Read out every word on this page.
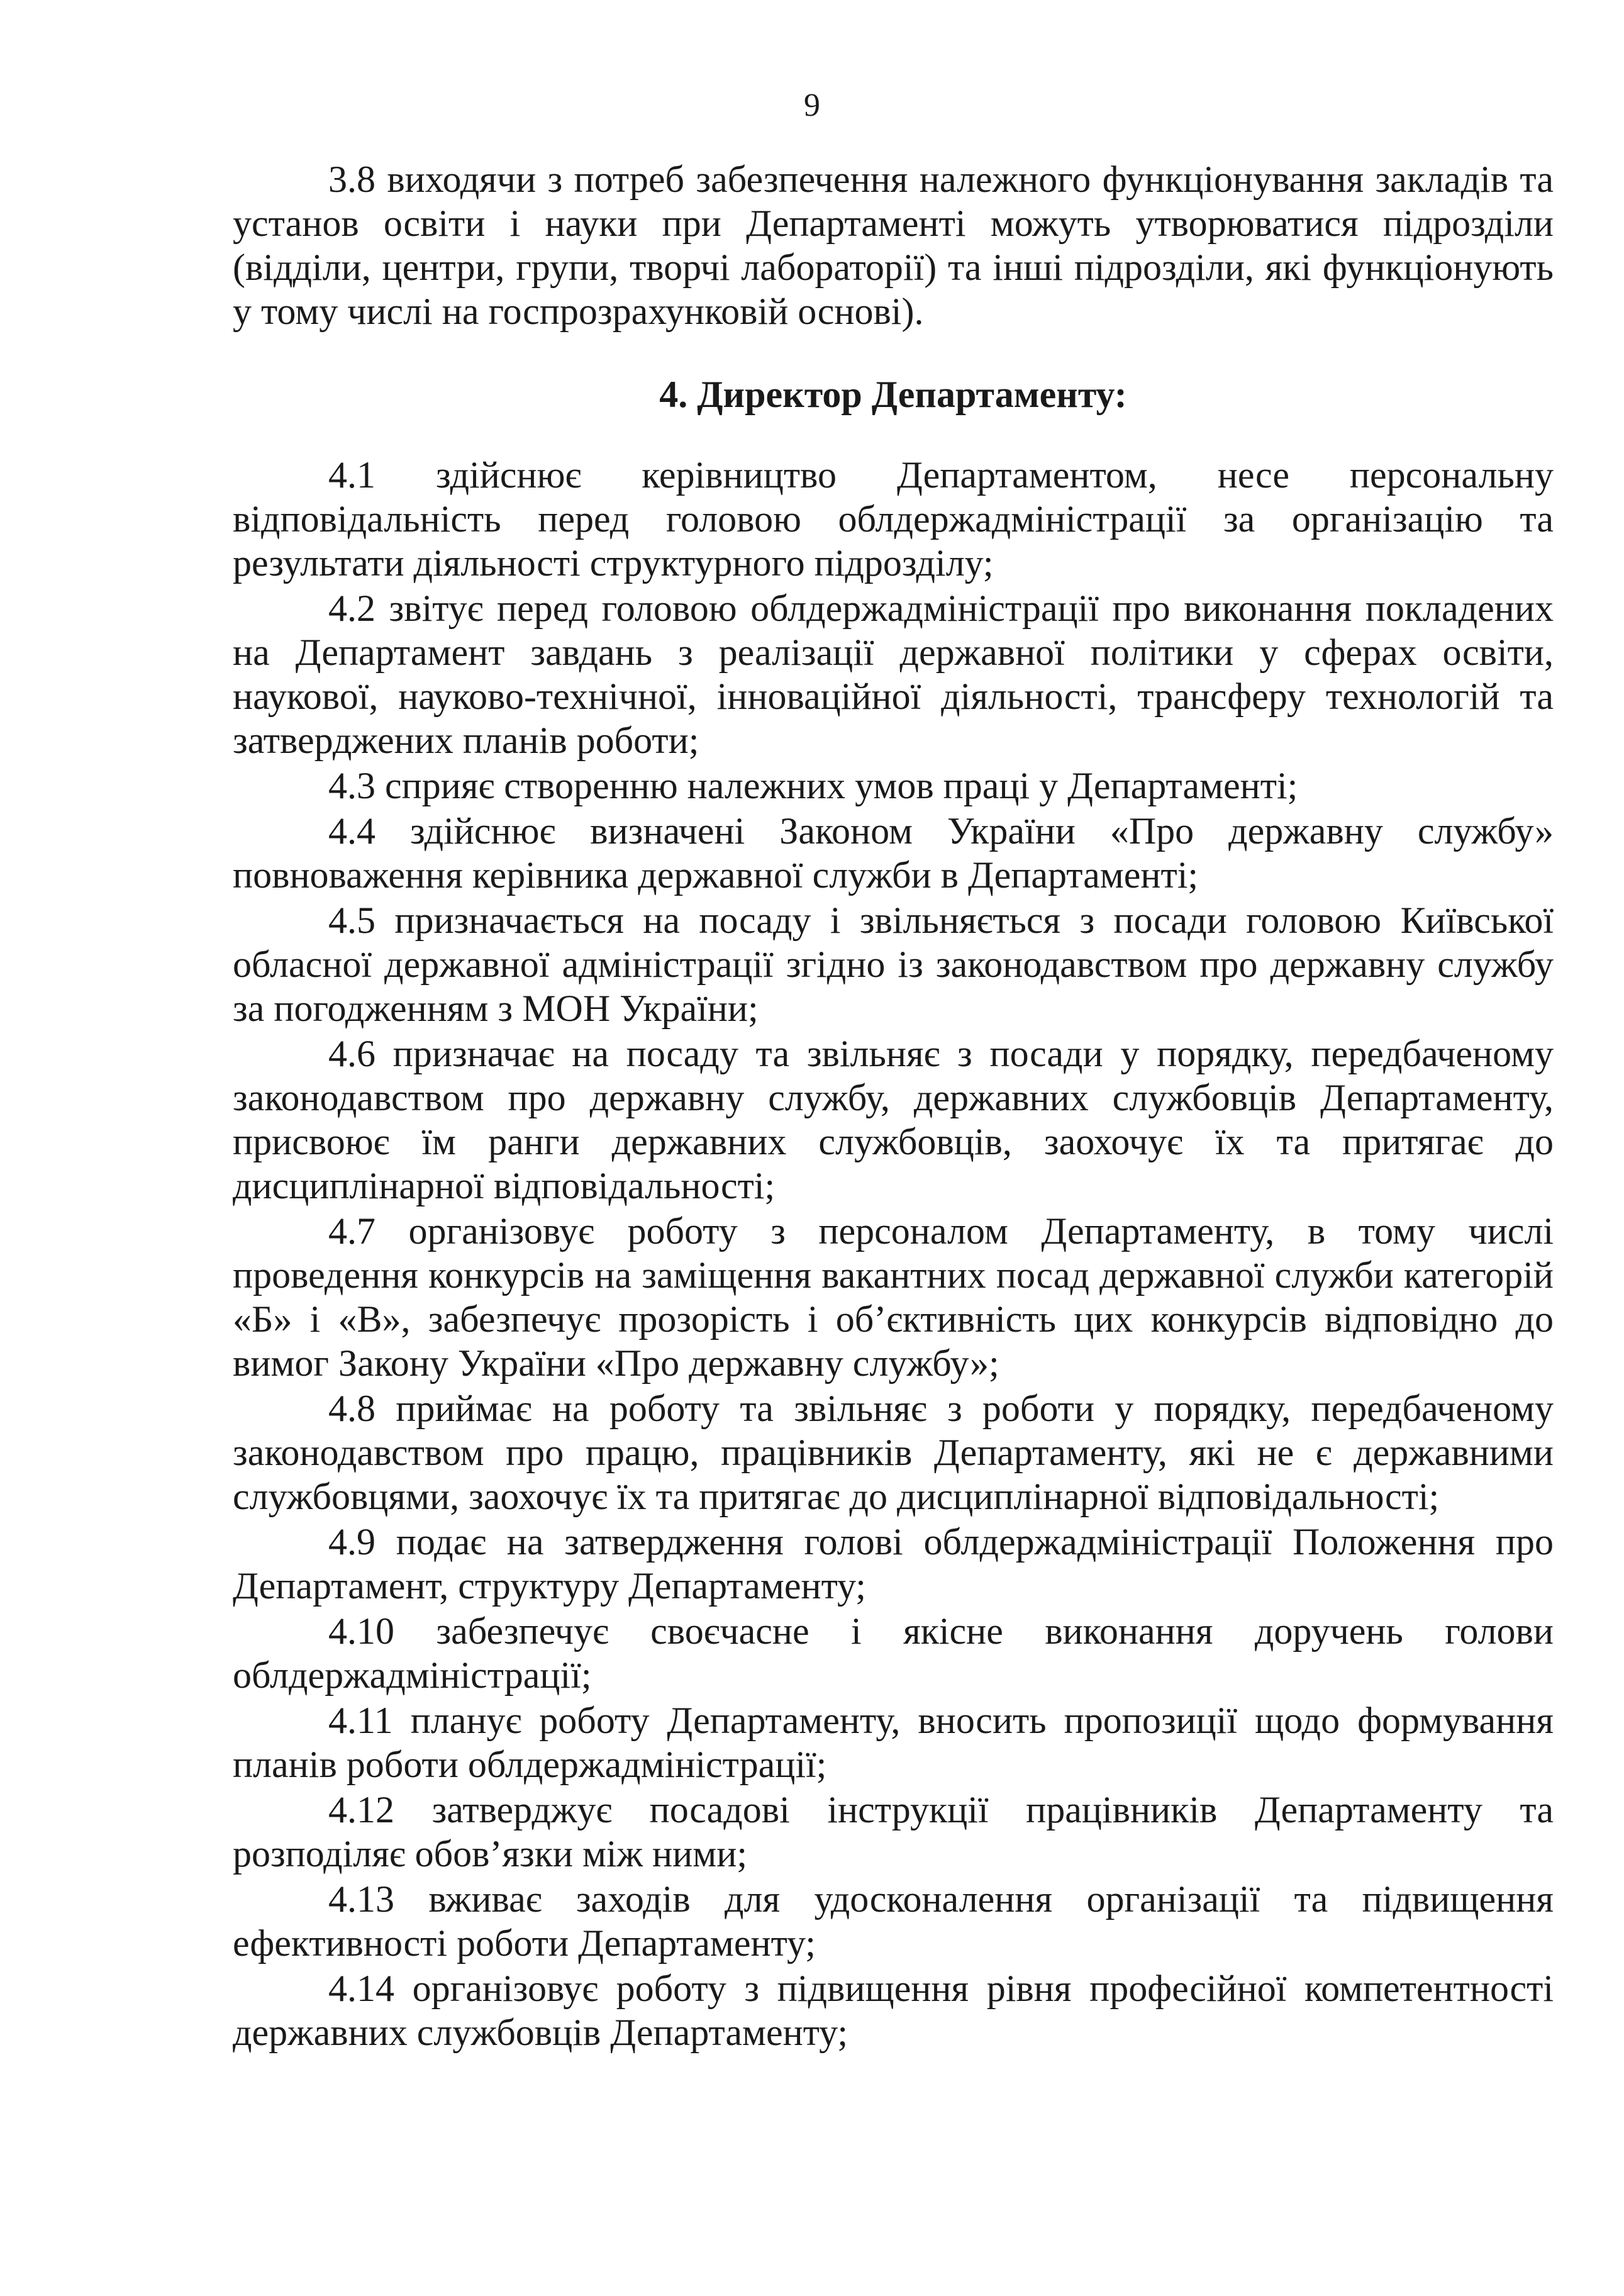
9

3.8 виходячи з потреб забезпечення належного функціонування закладів та установ освіти і науки при Департаменті можуть утворюватися підрозділи (відділи, центри, групи, творчі лабораторії) та інші підрозділи, які функціонують у тому числі на госпрозрахунковій основі).

4. Директор Департаменту:

4.1 здійснює керівництво Департаментом, несе персональну відповідальність перед головою облдержадміністрації за організацію та результати діяльності структурного підрозділу;

4.2 звітує перед головою облдержадміністрації про виконання покладених на Департамент завдань з реалізації державної політики у сферах освіти, наукової, науково-технічної, інноваційної діяльності, трансферу технологій та затверджених планів роботи;

4.3 сприяє створенню належних умов праці у Департаменті;

4.4 здійснює визначені Законом України «Про державну службу» повноваження керівника державної служби в Департаменті;

4.5 призначається на посаду і звільняється з посади головою Київської обласної державної адміністрації згідно із законодавством про державну службу за погодженням з МОН України;

4.6 призначає на посаду та звільняє з посади у порядку, передбаченому законодавством про державну службу, державних службовців Департаменту, присвоює їм ранги державних службовців, заохочує їх та притягає до дисциплінарної відповідальності;

4.7 організовує роботу з персоналом Департаменту, в тому числі проведення конкурсів на заміщення вакантних посад державної служби категорій «Б» і «В», забезпечує прозорість і об’єктивність цих конкурсів відповідно до вимог Закону України «Про державну службу»;

4.8 приймає на роботу та звільняє з роботи у порядку, передбаченому законодавством про працю, працівників Департаменту, які не є державними службовцями, заохочує їх та притягає до дисциплінарної відповідальності;

4.9 подає на затвердження голові облдержадміністрації Положення про Департамент, структуру Департаменту;

4.10 забезпечує своєчасне і якісне виконання доручень голови облдержадміністрації;

4.11 планує роботу Департаменту, вносить пропозиції щодо формування планів роботи облдержадміністрації;

4.12 затверджує посадові інструкції працівників Департаменту та розподіляє обов’язки між ними;

4.13 вживає заходів для удосконалення організації та підвищення ефективності роботи Департаменту;

4.14 організовує роботу з підвищення рівня професійної компетентності державних службовців Департаменту;
